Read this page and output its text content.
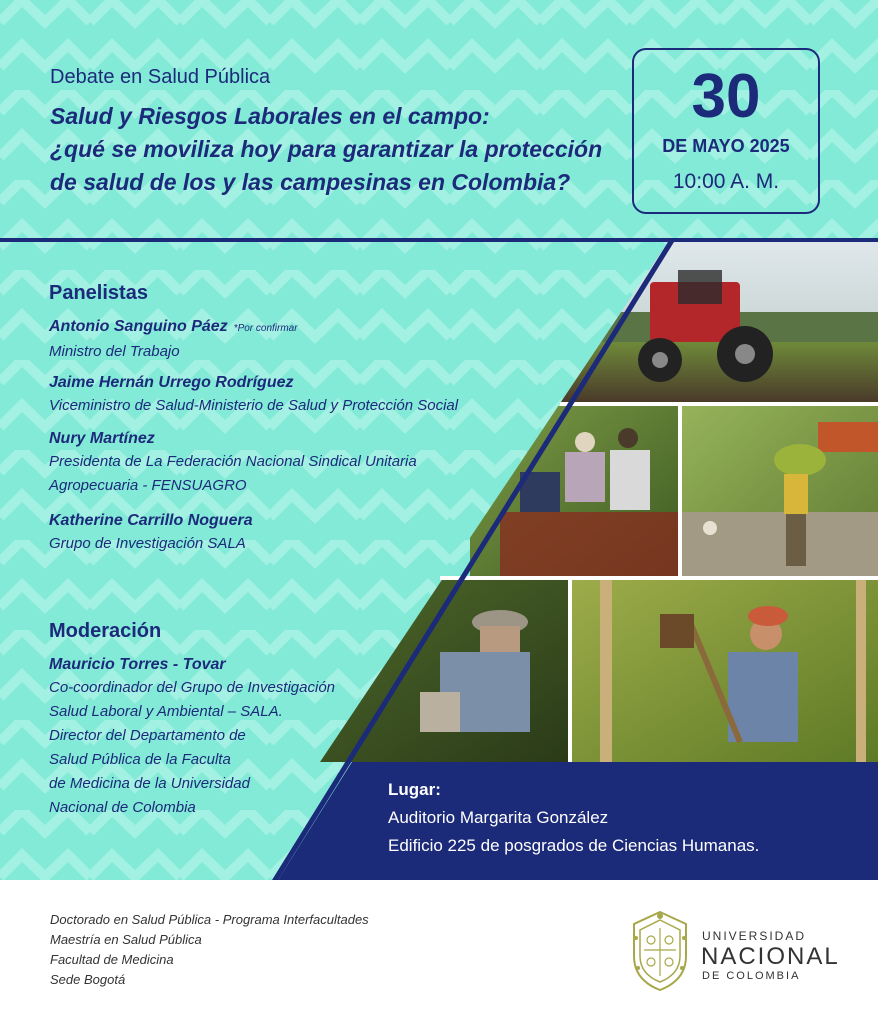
Debate en Salud Pública
Salud y Riesgos Laborales en el campo:
¿qué se moviliza hoy para garantizar la protección
de salud de los y las campesinas en Colombia?
30
DE MAYO 2025
10:00 A. M.
Panelistas
Antonio Sanguino Páez *Por confirmar
Ministro del Trabajo
Jaime Hernán Urrego Rodríguez
Viceministro de Salud-Ministerio de Salud y Protección Social
Nury Martínez
Presidenta de La Federación Nacional Sindical Unitaria
Agropecuaria - FENSUAGRO
Katherine Carrillo Noguera
Grupo de Investigación SALA
Moderación
Mauricio Torres - Tovar
Co-coordinador del Grupo de Investigación
Salud Laboral y Ambiental – SALA.
Director del Departamento de
Salud Pública de la Faculta
de Medicina de la Universidad
Nacional de Colombia
Lugar:
Auditorio Margarita González
Edificio 225 de posgrados de Ciencias Humanas.
Doctorado en Salud Pública - Programa Interfacultades
Maestría en Salud Pública
Facultad de Medicina
Sede Bogotá
UNIVERSIDAD
NACIONAL
DE COLOMBIA
